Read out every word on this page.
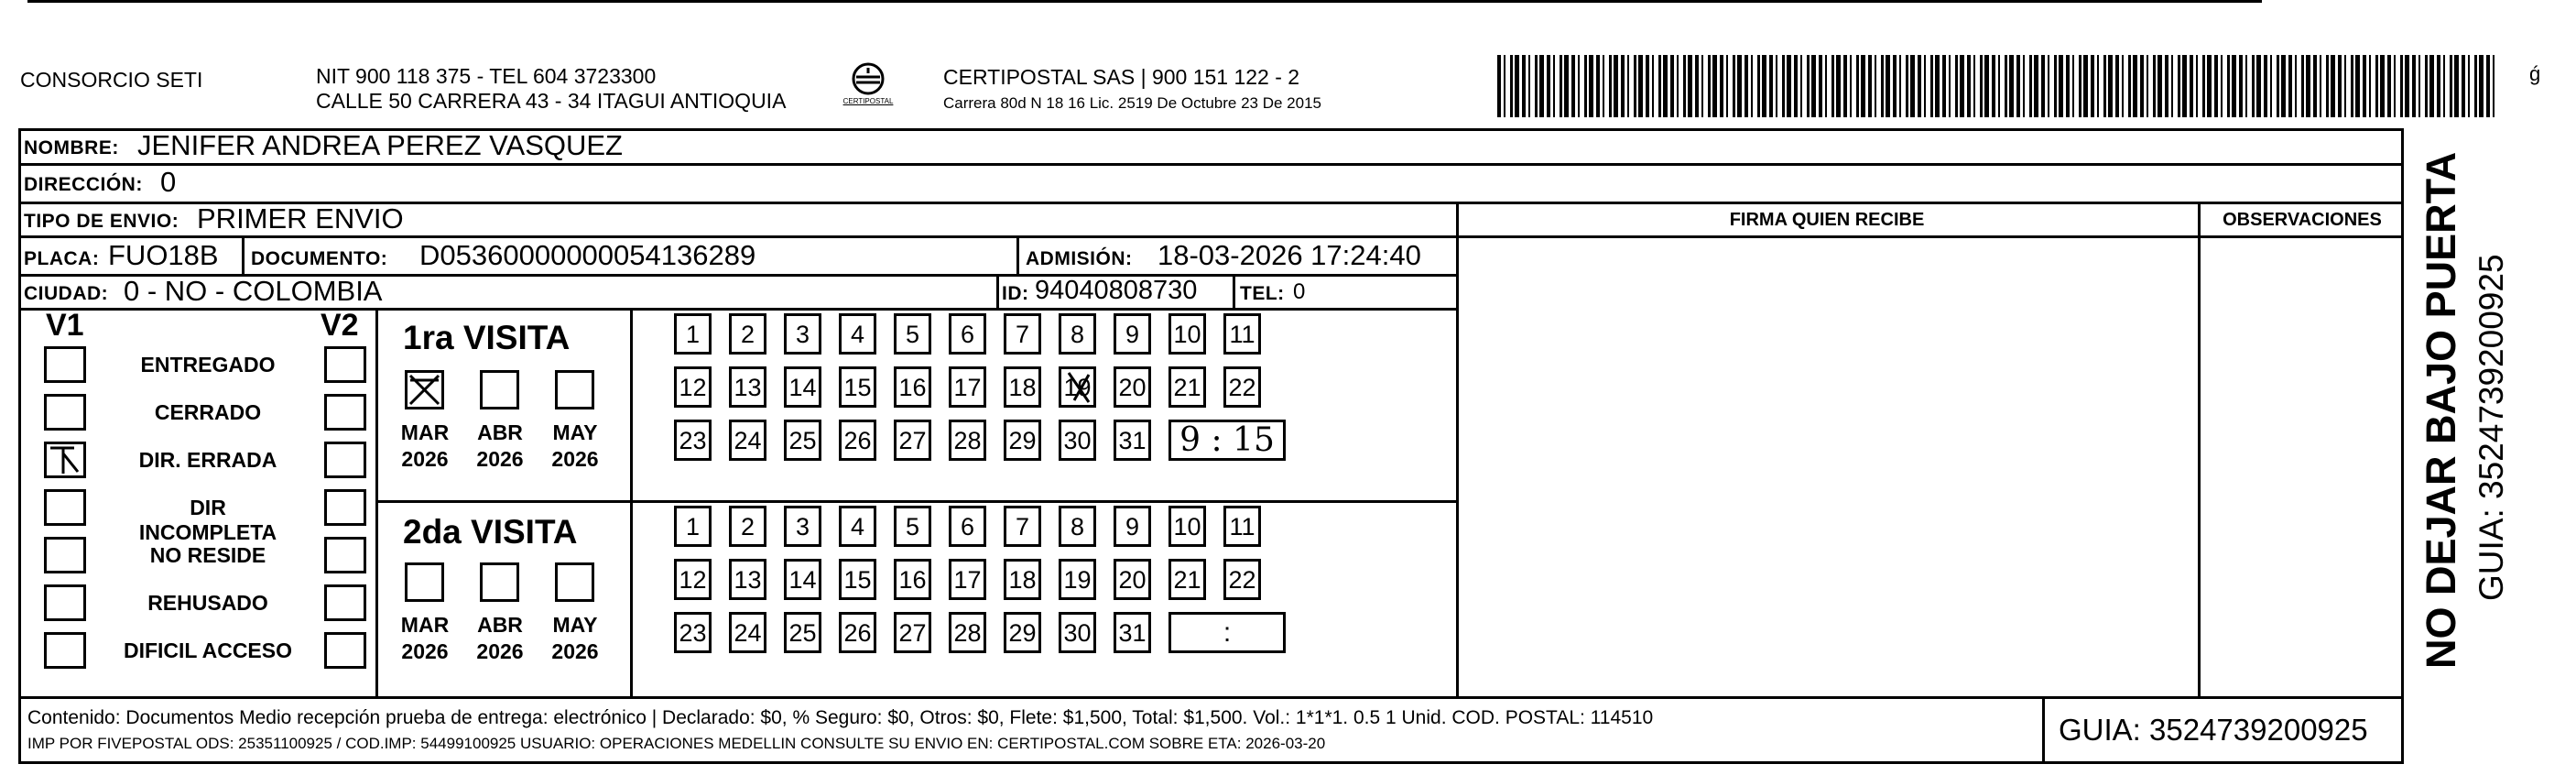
CONSORCIO SETI	NIT 900 118 375 - TEL 604 3723300
CALLE 50 CARRERA 43 - 34 ITAGUI ANTIOQUIA	CERTIPOSTAL
CERTIPOSTAL SAS | 900 151 122 - 2
Carrera 80d N 18 16 Lic. 2519 De Octubre 23 De 2015
ǵ
NOMBRE: JENIFER ANDREA PEREZ VASQUEZ
DIRECCIÓN: 0
TIPO DE ENVIO: PRIMER ENVIO
PLACA: FUO18B DOCUMENTO: D05360000000054136289	ADMISIÓN: 18-03-2026 17:24:40
CIUDAD: 0 - NO - COLOMBIA	ID: 94040808730 TEL: 0
FIRMA QUIEN RECIBE	OBSERVACIONES
V1	V2
ENTREGADO
CERRADO
DIR. ERRADA
DIR INCOMPLETA
NO RESIDE
REHUSADO
DIFICIL ACCESO
1ra VISITA
2da VISITA
MAR
2026
ABR
2026
MAY
2026
1	2	3	4	5	6	7	8	9	10 11
12 13 14 15 16 17 18 19 20 21 22
23 24 25 26 27 28 29 30 31	9 : 15
MAR
2026
ABR
2026
MAY
2026
1	2	3	4	5	6	7	8	9	10 11
12 13 14 15 16 17 18 19 20 21 22
23 24 25 26 27 28 29 30 31	:
Contenido: Documentos Medio recepción prueba de entrega: electrónico | Declarado: $0, % Seguro: $0, Otros: $0, Flete: $1,500, Total: $1,500. Vol.: 1*1*1. 0.5 1 Unid. COD. POSTAL: 114510
IMP POR FIVEPOSTAL ODS: 25351100925 / COD.IMP: 54499100925 USUARIO: OPERACIONES MEDELLIN CONSULTE SU ENVIO EN: CERTIPOSTAL.COM SOBRE ETA: 2026-03-20	GUIA: 3524739200925
NO DEJAR BAJO PUERTA GUIA: 3524739200925
